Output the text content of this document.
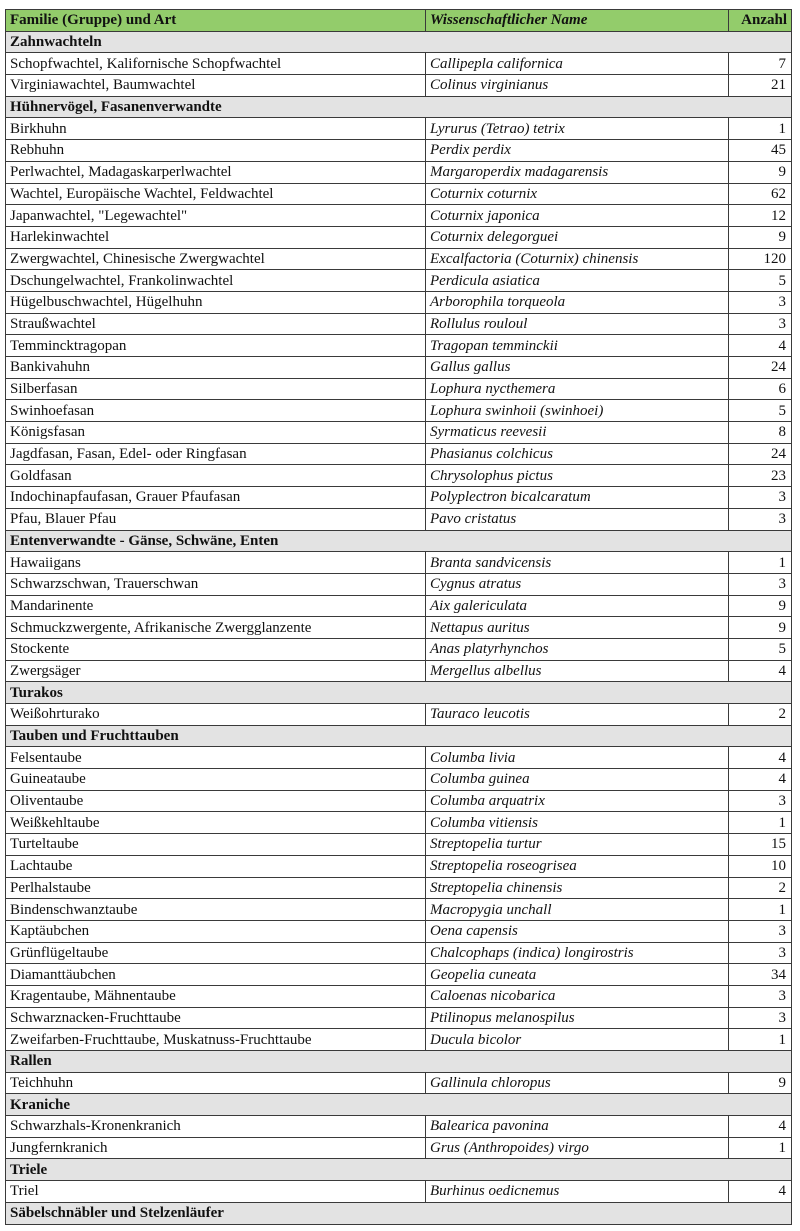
Familie (Gruppe) und Art	Wissenschaftlicher Name	Anzahl
Zahnwachteln		
Schopfwachtel, Kalifornische Schopfwachtel	Callipepla californica	7
Virginiawachtel, Baumwachtel	Colinus virginianus	21
Hühnervögel, Fasanenverwandte		
Birkhuhn	Lyrurus (Tetrao) tetrix	1
Rebhuhn	Perdix perdix	45
Perlwachtel, Madagaskarperlwachtel	Margaroperdix madagarensis	9
Wachtel, Europäische Wachtel, Feldwachtel	Coturnix coturnix	62
Japanwachtel, "Legewachtel"	Coturnix japonica	12
Harlekinwachtel	Coturnix delegorguei	9
Zwergwachtel, Chinesische Zwergwachtel	Excalfactoria (Coturnix) chinensis	120
Dschungelwachtel, Frankolinwachtel	Perdicula asiatica	5
Hügelbuschwachtel, Hügelhuhn	Arborophila torqueola	3
Straußwachtel	Rollulus rouloul	3
Temmincktragopan	Tragopan temminckii	4
Bankivahuhn	Gallus gallus	24
Silberfasan	Lophura nycthemera	6
Swinhoefasan	Lophura swinhoii (swinhoei)	5
Königsfasan	Syrmaticus reevesii	8
Jagdfasan, Fasan, Edel- oder Ringfasan	Phasianus colchicus	24
Goldfasan	Chrysolophus pictus	23
Indochinapfaufasan, Grauer Pfaufasan	Polyplectron bicalcaratum	3
Pfau, Blauer Pfau	Pavo cristatus	3
Entenverwandte - Gänse, Schwäne, Enten		
Hawaiigans	Branta sandvicensis	1
Schwarzschwan, Trauerschwan	Cygnus atratus	3
Mandarinente	Aix galericulata	9
Schmuckzwergente, Afrikanische Zwergglanzente	Nettapus auritus	9
Stockente	Anas platyrhynchos	5
Zwergsäger	Mergellus albellus	4
Turakos		
Weißohrturako	Tauraco leucotis	2
Tauben und Fruchttauben		
Felsentaube	Columba livia	4
Guineataube	Columba guinea	4
Oliventaube	Columba arquatrix	3
Weißkehltaube	Columba vitiensis	1
Turteltaube	Streptopelia turtur	15
Lachtaube	Streptopelia roseogrisea	10
Perlhalstaube	Streptopelia chinensis	2
Bindenschwanztaube	Macropygia unchall	1
Kaptäubchen	Oena capensis	3
Grünflügeltaube	Chalcophaps (indica) longirostris	3
Diamanttäubchen	Geopelia cuneata	34
Kragentaube, Mähnentaube	Caloenas nicobarica	3
Schwarznacken-Fruchttaube	Ptilinopus melanospilus	3
Zweifarben-Fruchttaube, Muskatnuss-Fruchttaube	Ducula bicolor	1
Rallen		
Teichhuhn	Gallinula chloropus	9
Kraniche		
Schwarzhals-Kronenkranich	Balearica pavonina	4
Jungfernkranich	Grus (Anthropoides) virgo	1
Triele		
Triel	Burhinus oedicnemus	4
Säbelschnäbler und Stelzenläufer		
